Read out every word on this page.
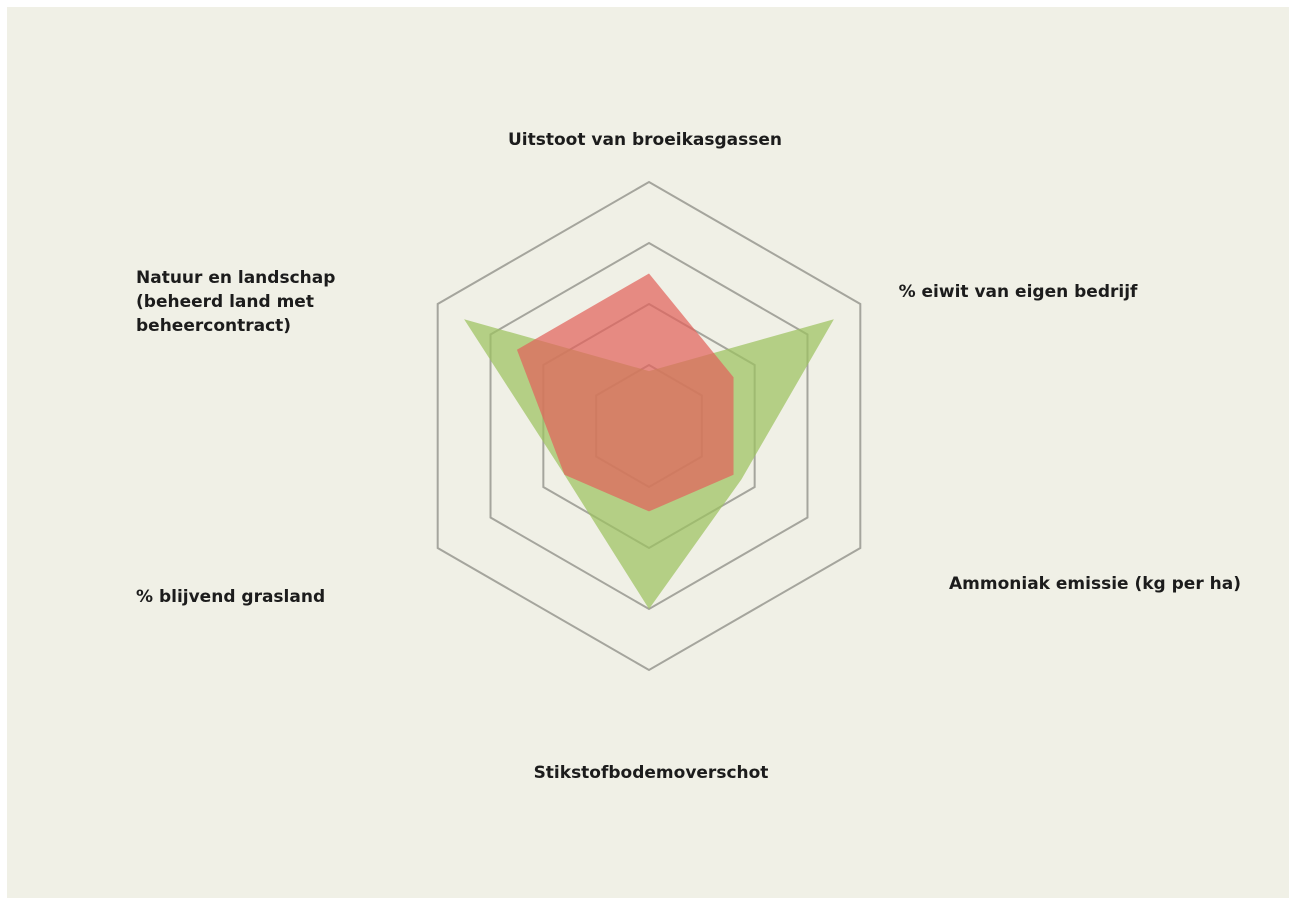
Uitstoot van broeikasgassen
% eiwit van eigen bedrijf
Ammoniak emissie (kg per ha)
Stikstofbodemoverschot
% blijvend grasland
Natuur en landschap (beheerd land met beheercontract)
